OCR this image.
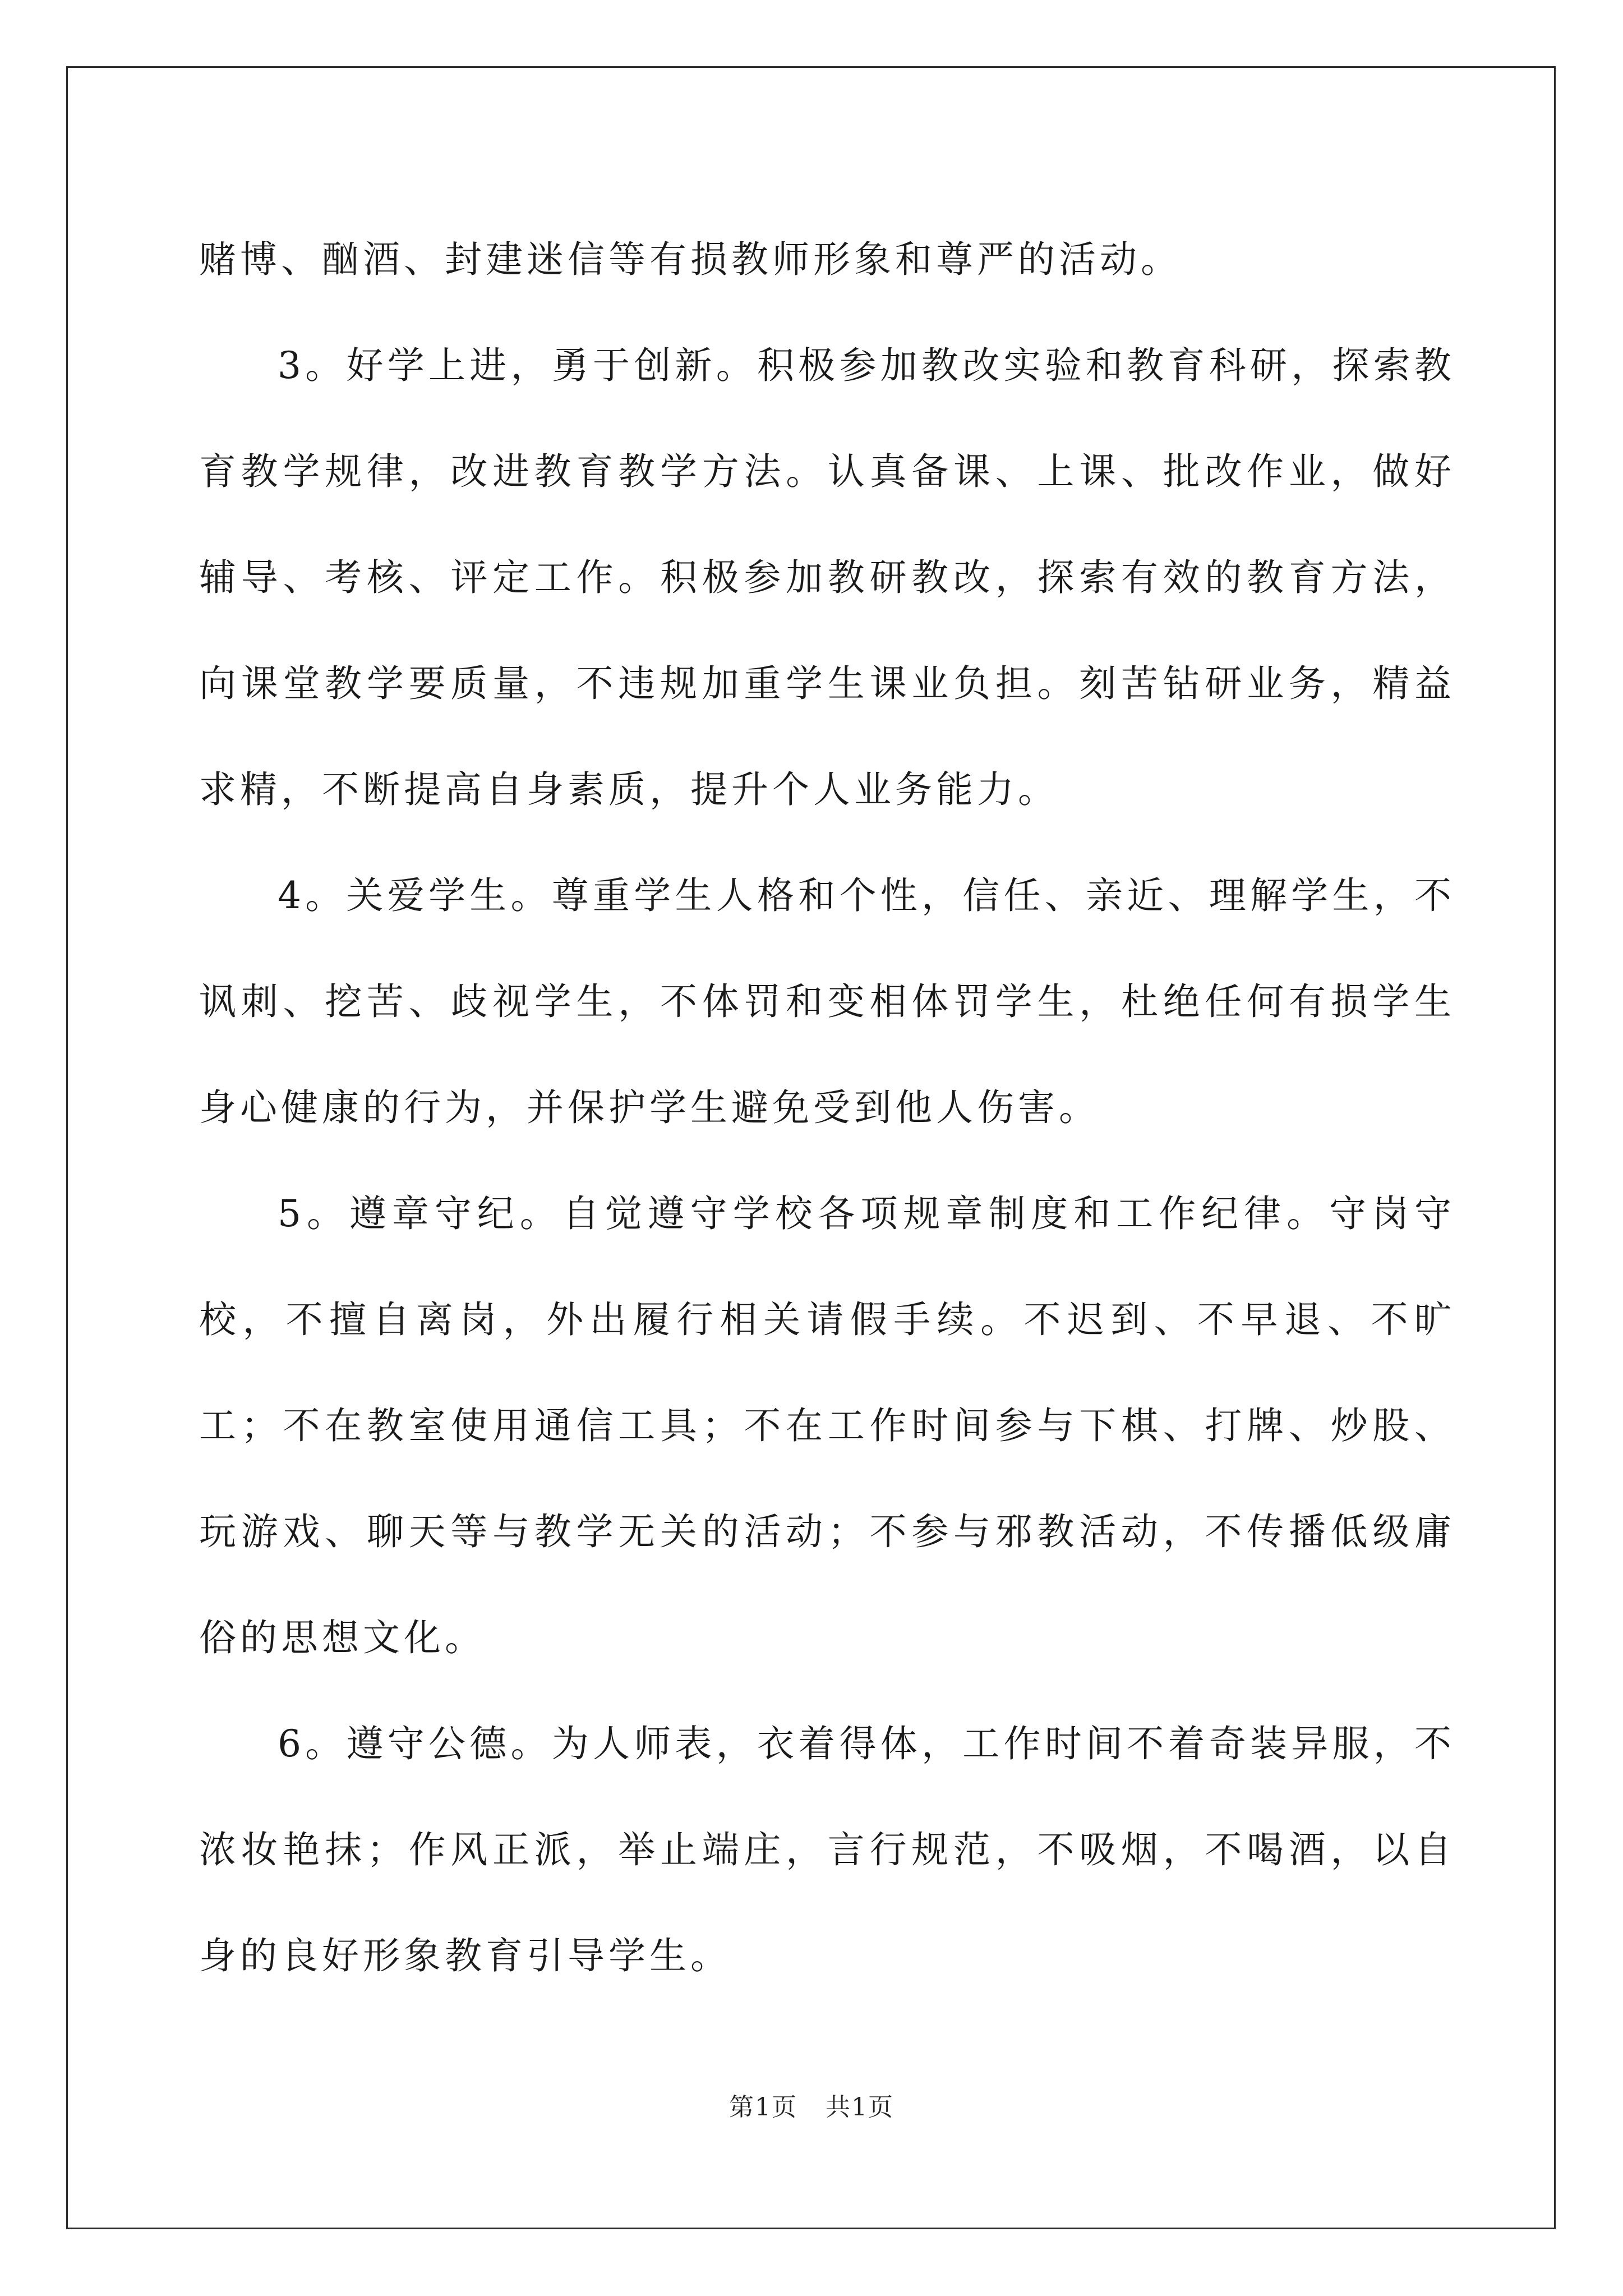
赌博、酗酒、封建迷信等有损教师形象和尊严的活动。

3。好学上进，勇于创新。积极参加教改实验和教育科研，探索教育教学规律，改进教育教学方法。认真备课、上课、批改作业，做好辅导、考核、评定工作。积极参加教研教改，探索有效的教育方法，向课堂教学要质量，不违规加重学生课业负担。刻苦钻研业务，精益求精，不断提高自身素质，提升个人业务能力。

4。关爱学生。尊重学生人格和个性，信任、亲近、理解学生，不讽刺、挖苦、歧视学生，不体罚和变相体罚学生，杜绝任何有损学生身心健康的行为，并保护学生避免受到他人伤害。

5。遵章守纪。自觉遵守学校各项规章制度和工作纪律。守岗守校，不擅自离岗，外出履行相关请假手续。不迟到、不早退、不旷工；不在教室使用通信工具；不在工作时间参与下棋、打牌、炒股、玩游戏、聊天等与教学无关的活动；不参与邪教活动，不传播低级庸俗的思想文化。

6。遵守公德。为人师表，衣着得体，工作时间不着奇装异服，不浓妆艳抹；作风正派，举止端庄，言行规范，不吸烟，不喝酒，以自身的良好形象教育引导学生。

第1页 共1页
